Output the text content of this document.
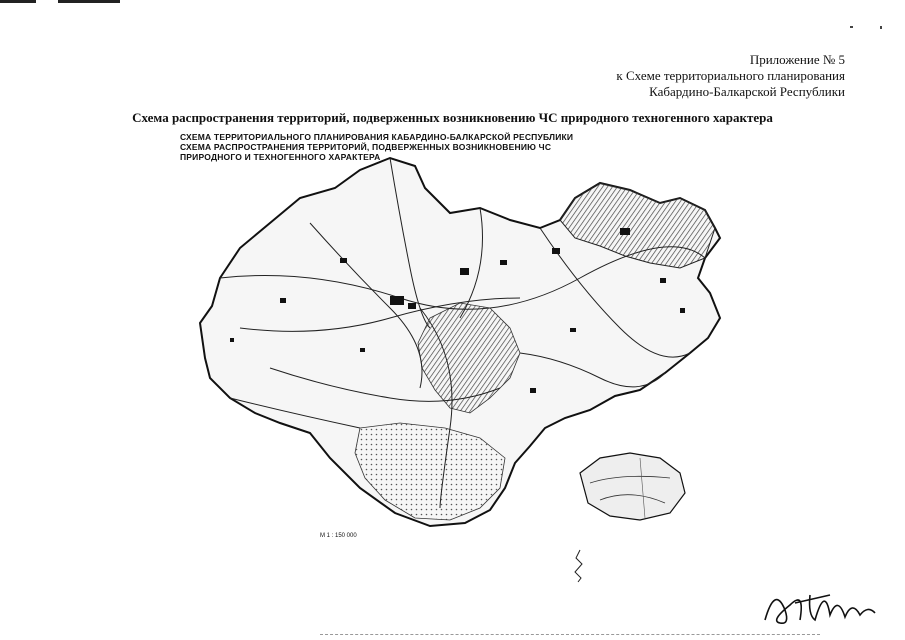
Приложение № 5
к Схеме территориального планирования
Кабардино-Балкарской Республики
Схема распространения территорий, подверженных возникновению ЧС природного техногенного характера
СХЕМА ТЕРРИТОРИАЛЬНОГО ПЛАНИРОВАНИЯ КАБАРДИНО-БАЛКАРСКОЙ РЕСПУБЛИКИ
СХЕМА РАСПРОСТРАНЕНИЯ ТЕРРИТОРИЙ, ПОДВЕРЖЕННЫХ ВОЗНИКНОВЕНИЮ ЧС
ПРИРОДНОГО И ТЕХНОГЕННОГО ХАРАКТЕРА
М 1 : 150 000
